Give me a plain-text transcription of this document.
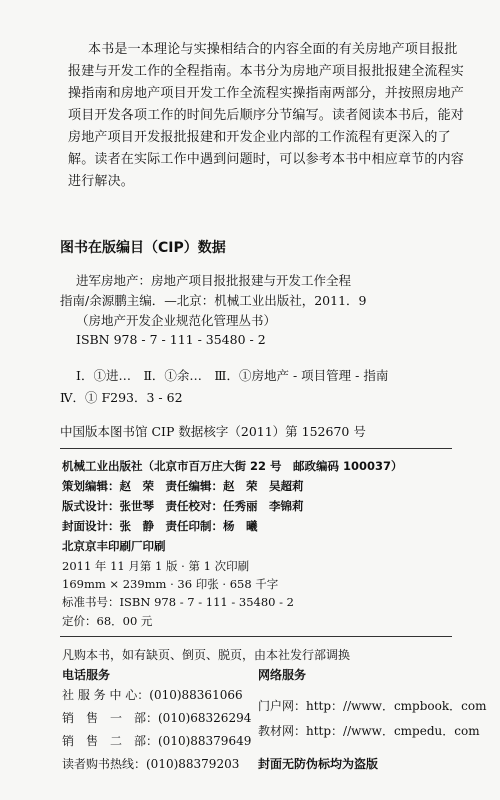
本书是一本理论与实操相结合的内容全面的有关房地产项目报批

报建与开发工作的全程指南。本书分为房地产项目报批报建全流程实

操指南和房地产项目开发工作全流程实操指南两部分，并按照房地产

项目开发各项工作的时间先后顺序分节编写。读者阅读本书后，能对

房地产项目开发报批报建和开发企业内部的工作流程有更深入的了

解。读者在实际工作中遇到问题时，可以参考本书中相应章节的内容

进行解决。

图书在版编目（CIP）数据

进军房地产：房地产项目报批报建与开发工作全程

指南/余源鹏主编．—北京：机械工业出版社，2011．9

（房地产开发企业规范化管理丛书）

ISBN 978 - 7 - 111 - 35480 - 2

Ⅰ．①进…　Ⅱ．①余…　Ⅲ．①房地产 - 项目管理 - 指南

Ⅳ．① F293．3 - 62

中国版本图书馆 CIP 数据核字（2011）第 152670 号

机械工业出版社（北京市百万庄大街 22 号　邮政编码 100037）

策划编辑：赵　荣　责任编辑：赵　荣　吴超莉

版式设计：张世琴　责任校对：任秀丽　李锦莉

封面设计：张　静　责任印制：杨　曦

北京京丰印刷厂印刷

2011 年 11 月第 1 版 · 第 1 次印刷

169mm × 239mm · 36 印张 · 658 千字

标准书号：ISBN 978 - 7 - 111 - 35480 - 2

定价：68．00 元

凡购本书，如有缺页、倒页、脱页，由本社发行部调换

电话服务	网络服务

社 服 务 中 心：(010)88361066

销　售　一　部：(010)68326294

销　售　二　部：(010)88379649

读者购书热线：(010)88379203

门户网：http：//www．cmpbook．com

教材网：http：//www．cmpedu．com

封面无防伪标均为盗版
